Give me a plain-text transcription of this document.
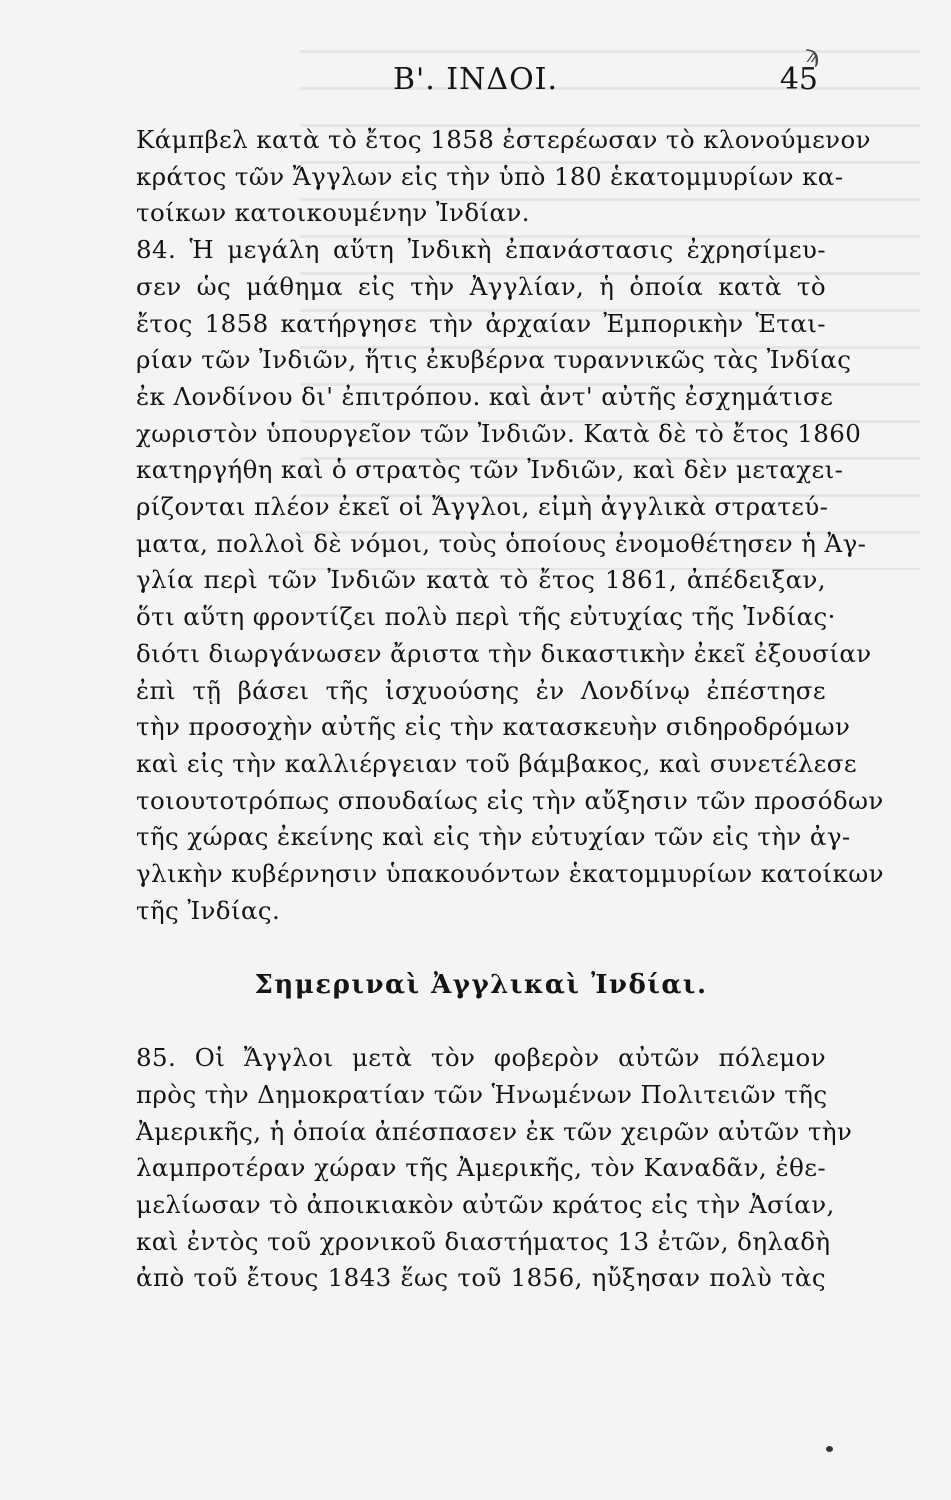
Β'. ΙΝΔΟΙ.
ϡ
45
Κάμπβελ κατὰ τὸ ἔτος 1858 ἐστερέωσαν τὸ κλονούμενον
κράτος τῶν Ἄγγλων εἰς τὴν ὑπὸ 180 ἑκατομμυρίων κα-
τοίκων κατοικουμένην Ἰνδίαν.
84. Ἡ μεγάλη αὕτη Ἰνδικὴ ἐπανάστασις ἐχρησίμευ-
σεν ὡς μάθημα εἰς τὴν Ἀγγλίαν, ἡ ὁποία κατὰ τὸ
ἔτος 1858 κατήργησε τὴν ἀρχαίαν Ἐμπορικὴν Ἑται-
ρίαν τῶν Ἰνδιῶν, ἥτις ἐκυβέρνα τυραννικῶς τὰς Ἰνδίας
ἐκ Λονδίνου δι' ἐπιτρόπου. καὶ ἀντ' αὐτῆς ἐσχημάτισε
χωριστὸν ὑπουργεῖον τῶν Ἰνδιῶν. Κατὰ δὲ τὸ ἔτος 1860
κατηργήθη καὶ ὁ στρατὸς τῶν Ἰνδιῶν, καὶ δὲν μεταχει-
ρίζονται πλέον ἐκεῖ οἱ Ἄγγλοι, εἰμὴ ἀγγλικὰ στρατεύ-
ματα, πολλοὶ δὲ νόμοι, τοὺς ὁποίους ἐνομοθέτησεν ἡ Ἀγ-
γλία περὶ τῶν Ἰνδιῶν κατὰ τὸ ἔτος 1861, ἀπέδειξαν,
ὅτι αὕτη φροντίζει πολὺ περὶ τῆς εὐτυχίας τῆς Ἰνδίας·
διότι διωργάνωσεν ἄριστα τὴν δικαστικὴν ἐκεῖ ἐξουσίαν
ἐπὶ τῇ βάσει τῆς ἰσχυούσης ἐν Λονδίνῳ ἐπέστησε
τὴν προσοχὴν αὐτῆς εἰς τὴν κατασκευὴν σιδηροδρόμων
καὶ εἰς τὴν καλλιέργειαν τοῦ βάμβακος, καὶ συνετέλεσε
τοιουτοτρόπως σπουδαίως εἰς τὴν αὔξησιν τῶν προσόδων
τῆς χώρας ἐκείνης καὶ εἰς τὴν εὐτυχίαν τῶν εἰς τὴν ἀγ-
γλικὴν κυβέρνησιν ὑπακουόντων ἑκατομμυρίων κατοίκων
τῆς Ἰνδίας.
Σημεριναὶ Ἀγγλικαὶ Ἰνδίαι.
85. Οἱ Ἄγγλοι μετὰ τὸν φοβερὸν αὐτῶν πόλεμον
πρὸς τὴν Δημοκρατίαν τῶν Ἡνωμένων Πολιτειῶν τῆς
Ἀμερικῆς, ἡ ὁποία ἀπέσπασεν ἐκ τῶν χειρῶν αὐτῶν τὴν
λαμπροτέραν χώραν τῆς Ἀμερικῆς, τὸν Καναδᾶν, ἐθε-
μελίωσαν τὸ ἀποικιακὸν αὐτῶν κράτος εἰς τὴν Ἀσίαν,
καὶ ἐντὸς τοῦ χρονικοῦ διαστήματος 13 ἐτῶν, δηλαδὴ
ἀπὸ τοῦ ἔτους 1843 ἕως τοῦ 1856, ηὔξησαν πολὺ τὰς
